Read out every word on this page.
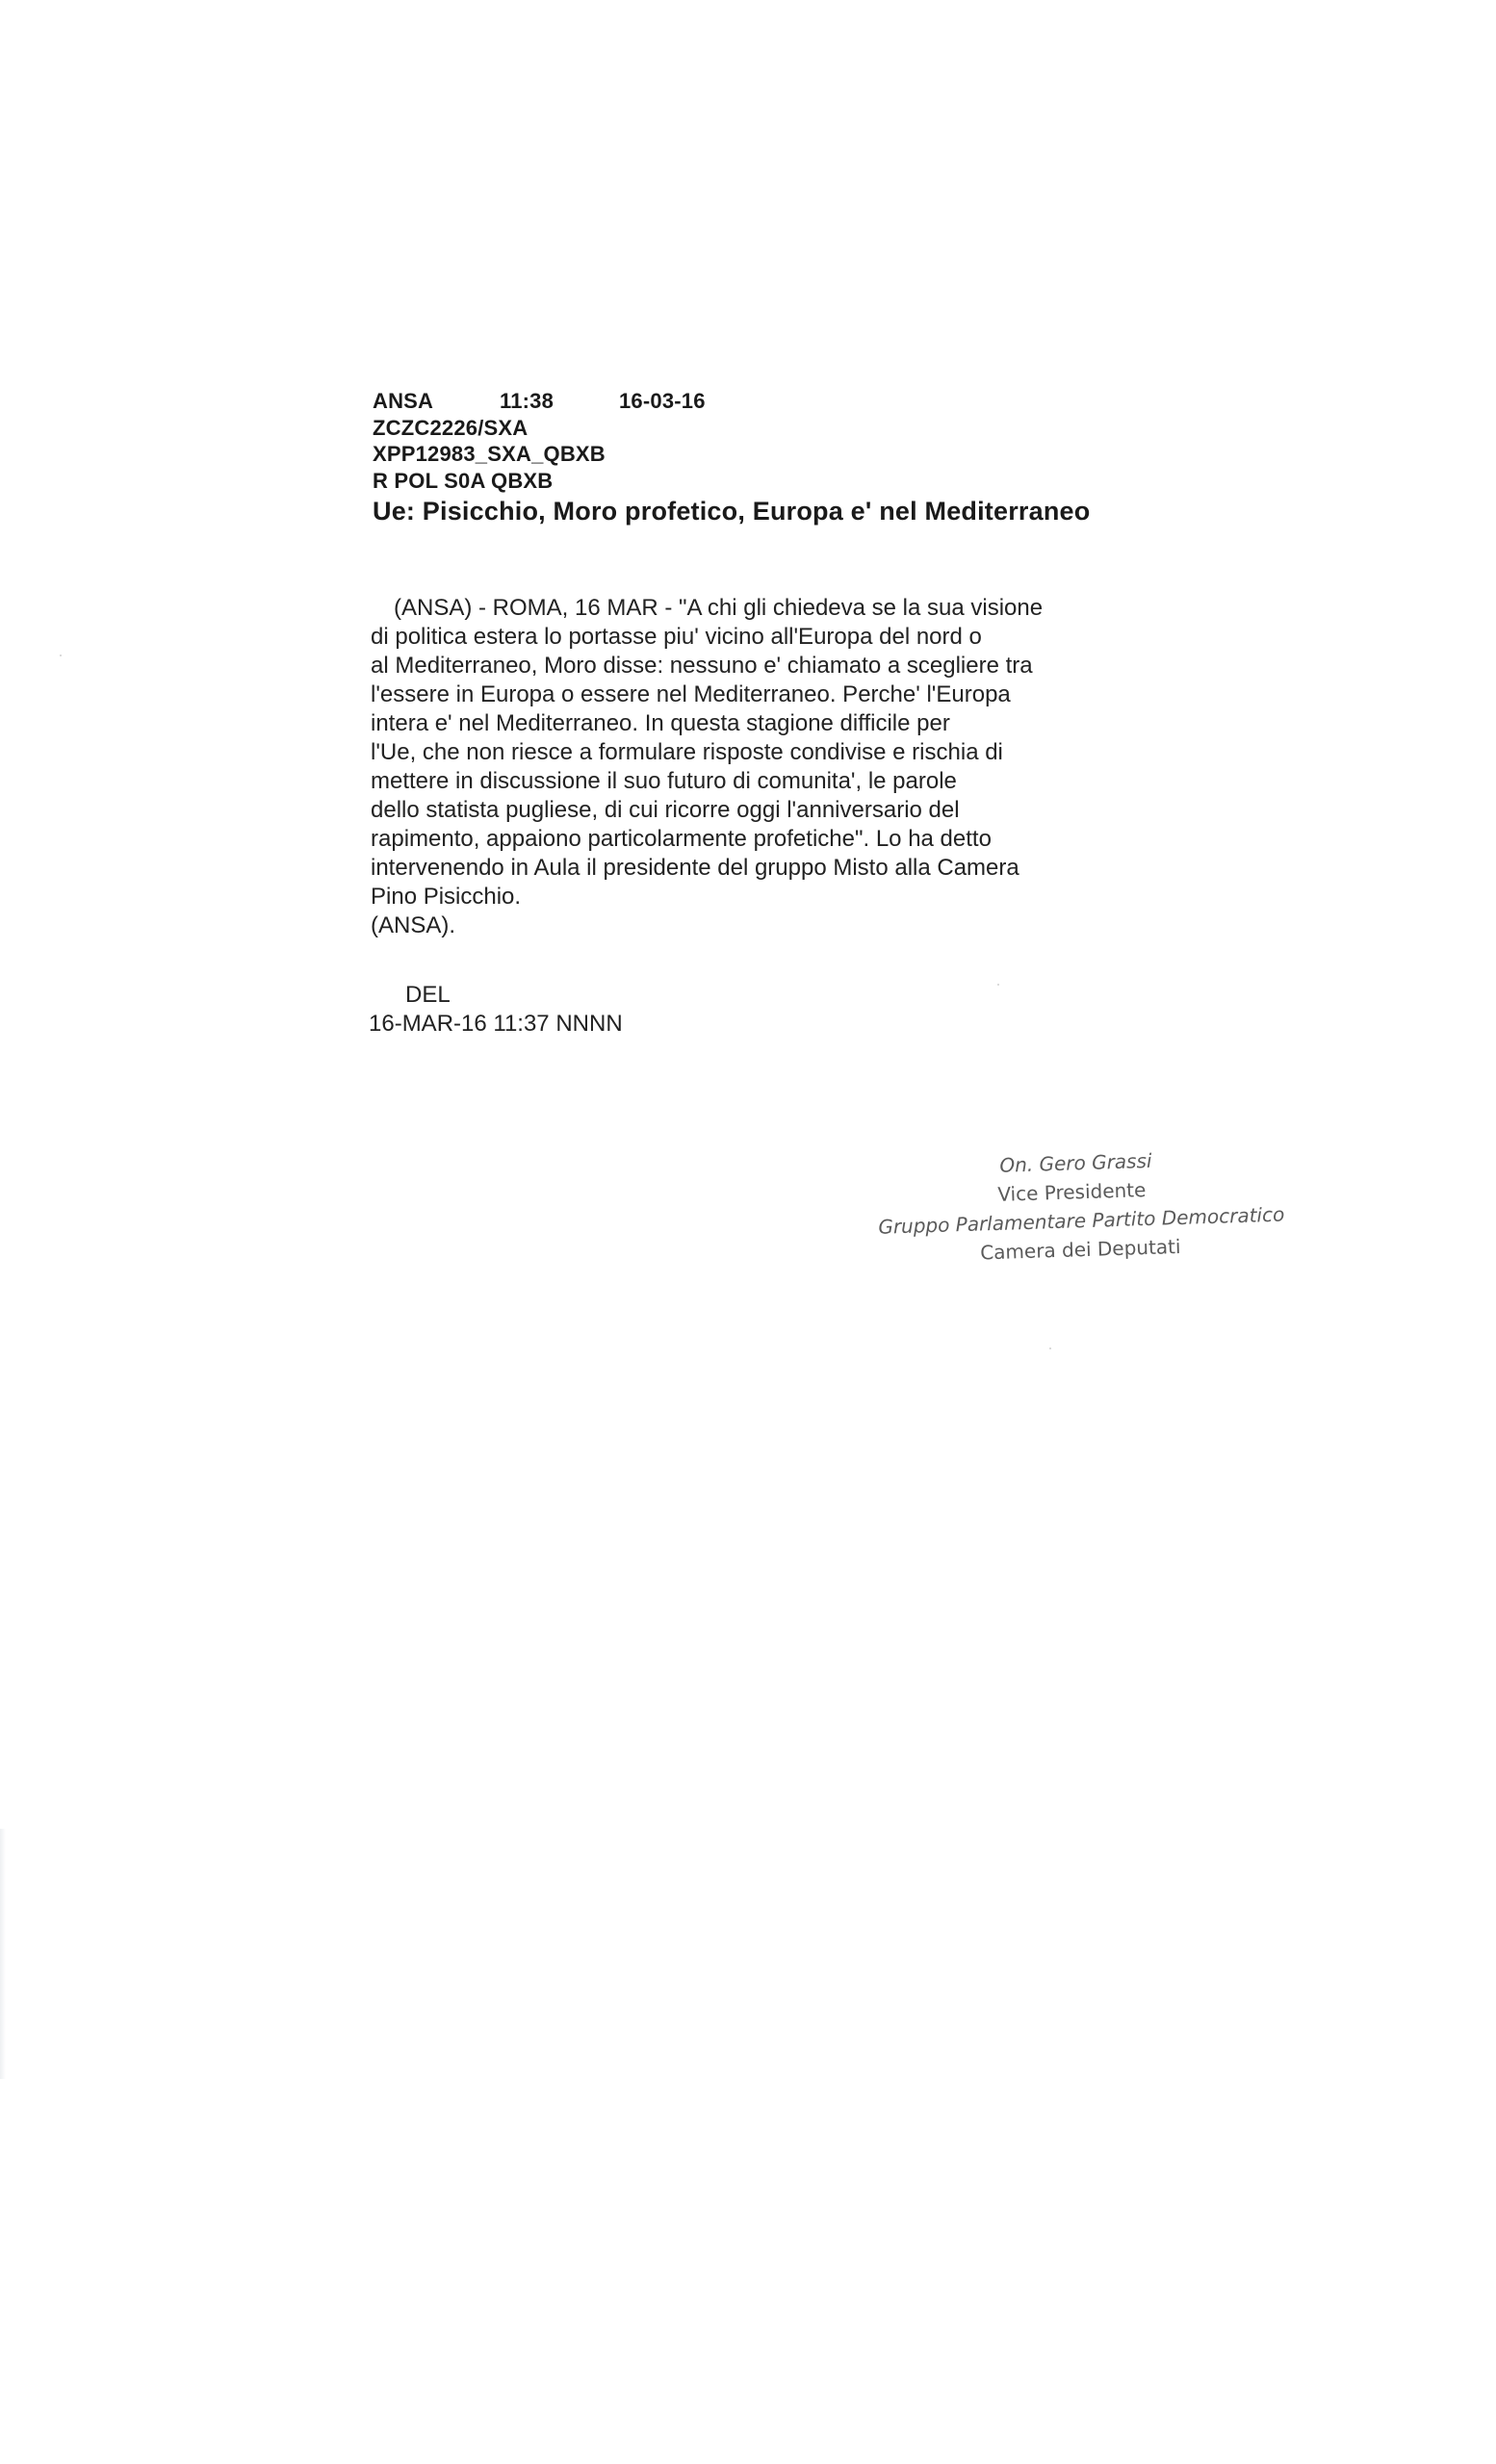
ANSA	11:38	16-03-16
ZCZC2226/SXA
XPP12983_SXA_QBXB
R POL S0A QBXB
Ue: Pisicchio, Moro profetico, Europa e' nel Mediterraneo
(ANSA) - ROMA, 16 MAR - "A chi gli chiedeva se la sua visione
di politica estera lo portasse piu' vicino all'Europa del nord o
al Mediterraneo, Moro disse: nessuno e' chiamato a scegliere tra
l'essere in Europa o essere nel Mediterraneo. Perche' l'Europa
intera e' nel Mediterraneo. In questa stagione difficile per
l'Ue, che non riesce a formulare risposte condivise e rischia di
mettere in discussione il suo futuro di comunita', le parole
dello statista pugliese, di cui ricorre oggi l'anniversario del
rapimento, appaiono particolarmente profetiche". Lo ha detto
intervenendo in Aula il presidente del gruppo Misto alla Camera
Pino Pisicchio.
(ANSA).
DEL
16-MAR-16 11:37 NNNN
On. Gero Grassi
Vice Presidente
Gruppo Parlamentare Partito Democratico
Camera dei Deputati
